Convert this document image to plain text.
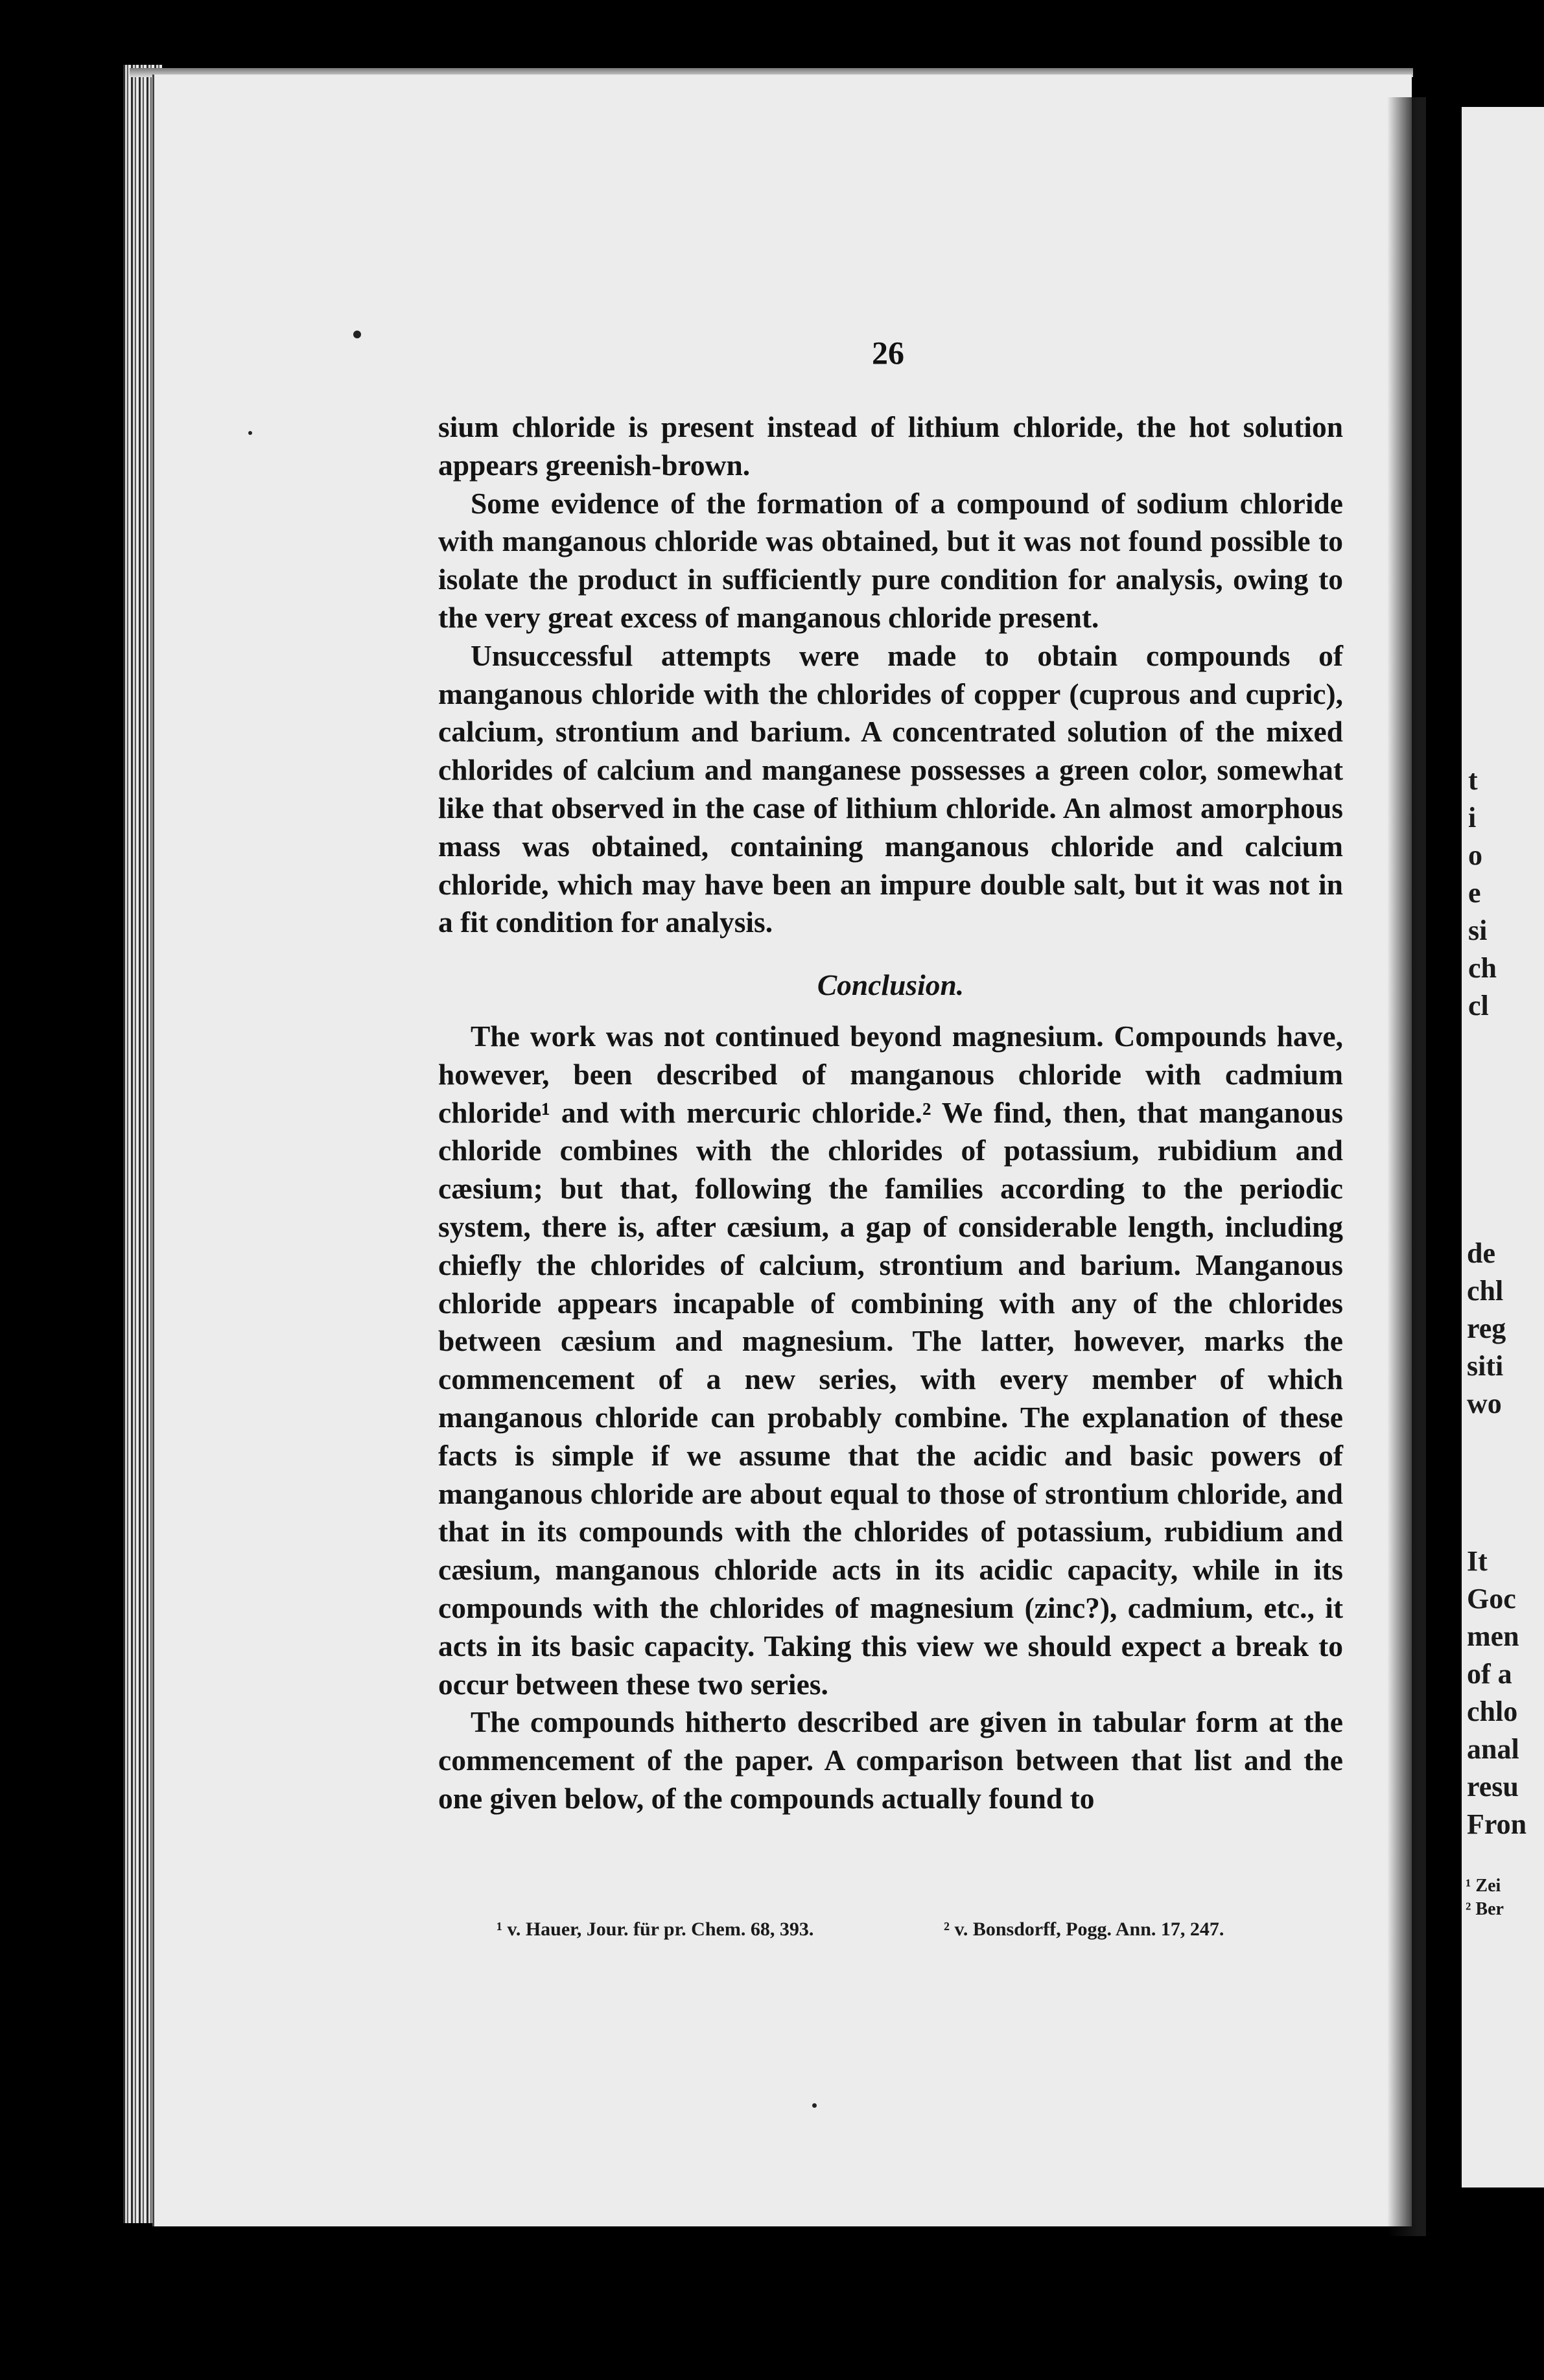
t
i
o
e
si
ch
cl
de
chl
reg
siti
wo
It
Goc
men
of a
chlo
anal
resu
Fron
¹ Zei
² Ber
26

sium chloride is present instead of lithium chloride, the hot solution appears greenish-brown.

Some evidence of the formation of a compound of sodium chloride with manganous chloride was obtained, but it was not found possible to isolate the product in sufficiently pure condition for analysis, owing to the very great excess of manganous chloride present.

Unsuccessful attempts were made to obtain compounds of manganous chloride with the chlorides of copper (cuprous and cupric), calcium, strontium and barium. A concentrated solution of the mixed chlorides of calcium and manganese possesses a green color, somewhat like that observed in the case of lithium chloride. An almost amorphous mass was obtained, containing manganous chloride and calcium chloride, which may have been an impure double salt, but it was not in a fit condition for analysis.

Conclusion.

The work was not continued beyond magnesium. Compounds have, however, been described of manganous chloride with cadmium chloride¹ and with mercuric chloride.² We find, then, that manganous chloride combines with the chlorides of potassium, rubidium and cæsium; but that, following the families according to the periodic system, there is, after cæsium, a gap of considerable length, including chiefly the chlorides of calcium, strontium and barium. Manganous chloride appears incapable of combining with any of the chlorides between cæsium and magnesium. The latter, however, marks the commencement of a new series, with every member of which manganous chloride can probably combine. The explanation of these facts is simple if we assume that the acidic and basic powers of manganous chloride are about equal to those of strontium chloride, and that in its compounds with the chlorides of potassium, rubidium and cæsium, manganous chloride acts in its acidic capacity, while in its compounds with the chlorides of magnesium (zinc?), cadmium, etc., it acts in its basic capacity. Taking this view we should expect a break to occur between these two series.

The compounds hitherto described are given in tabular form at the commencement of the paper. A comparison between that list and the one given below, of the compounds actually found to

¹ v. Hauer, Jour. für pr. Chem. 68, 393.	² v. Bonsdorff, Pogg. Ann. 17, 247.
